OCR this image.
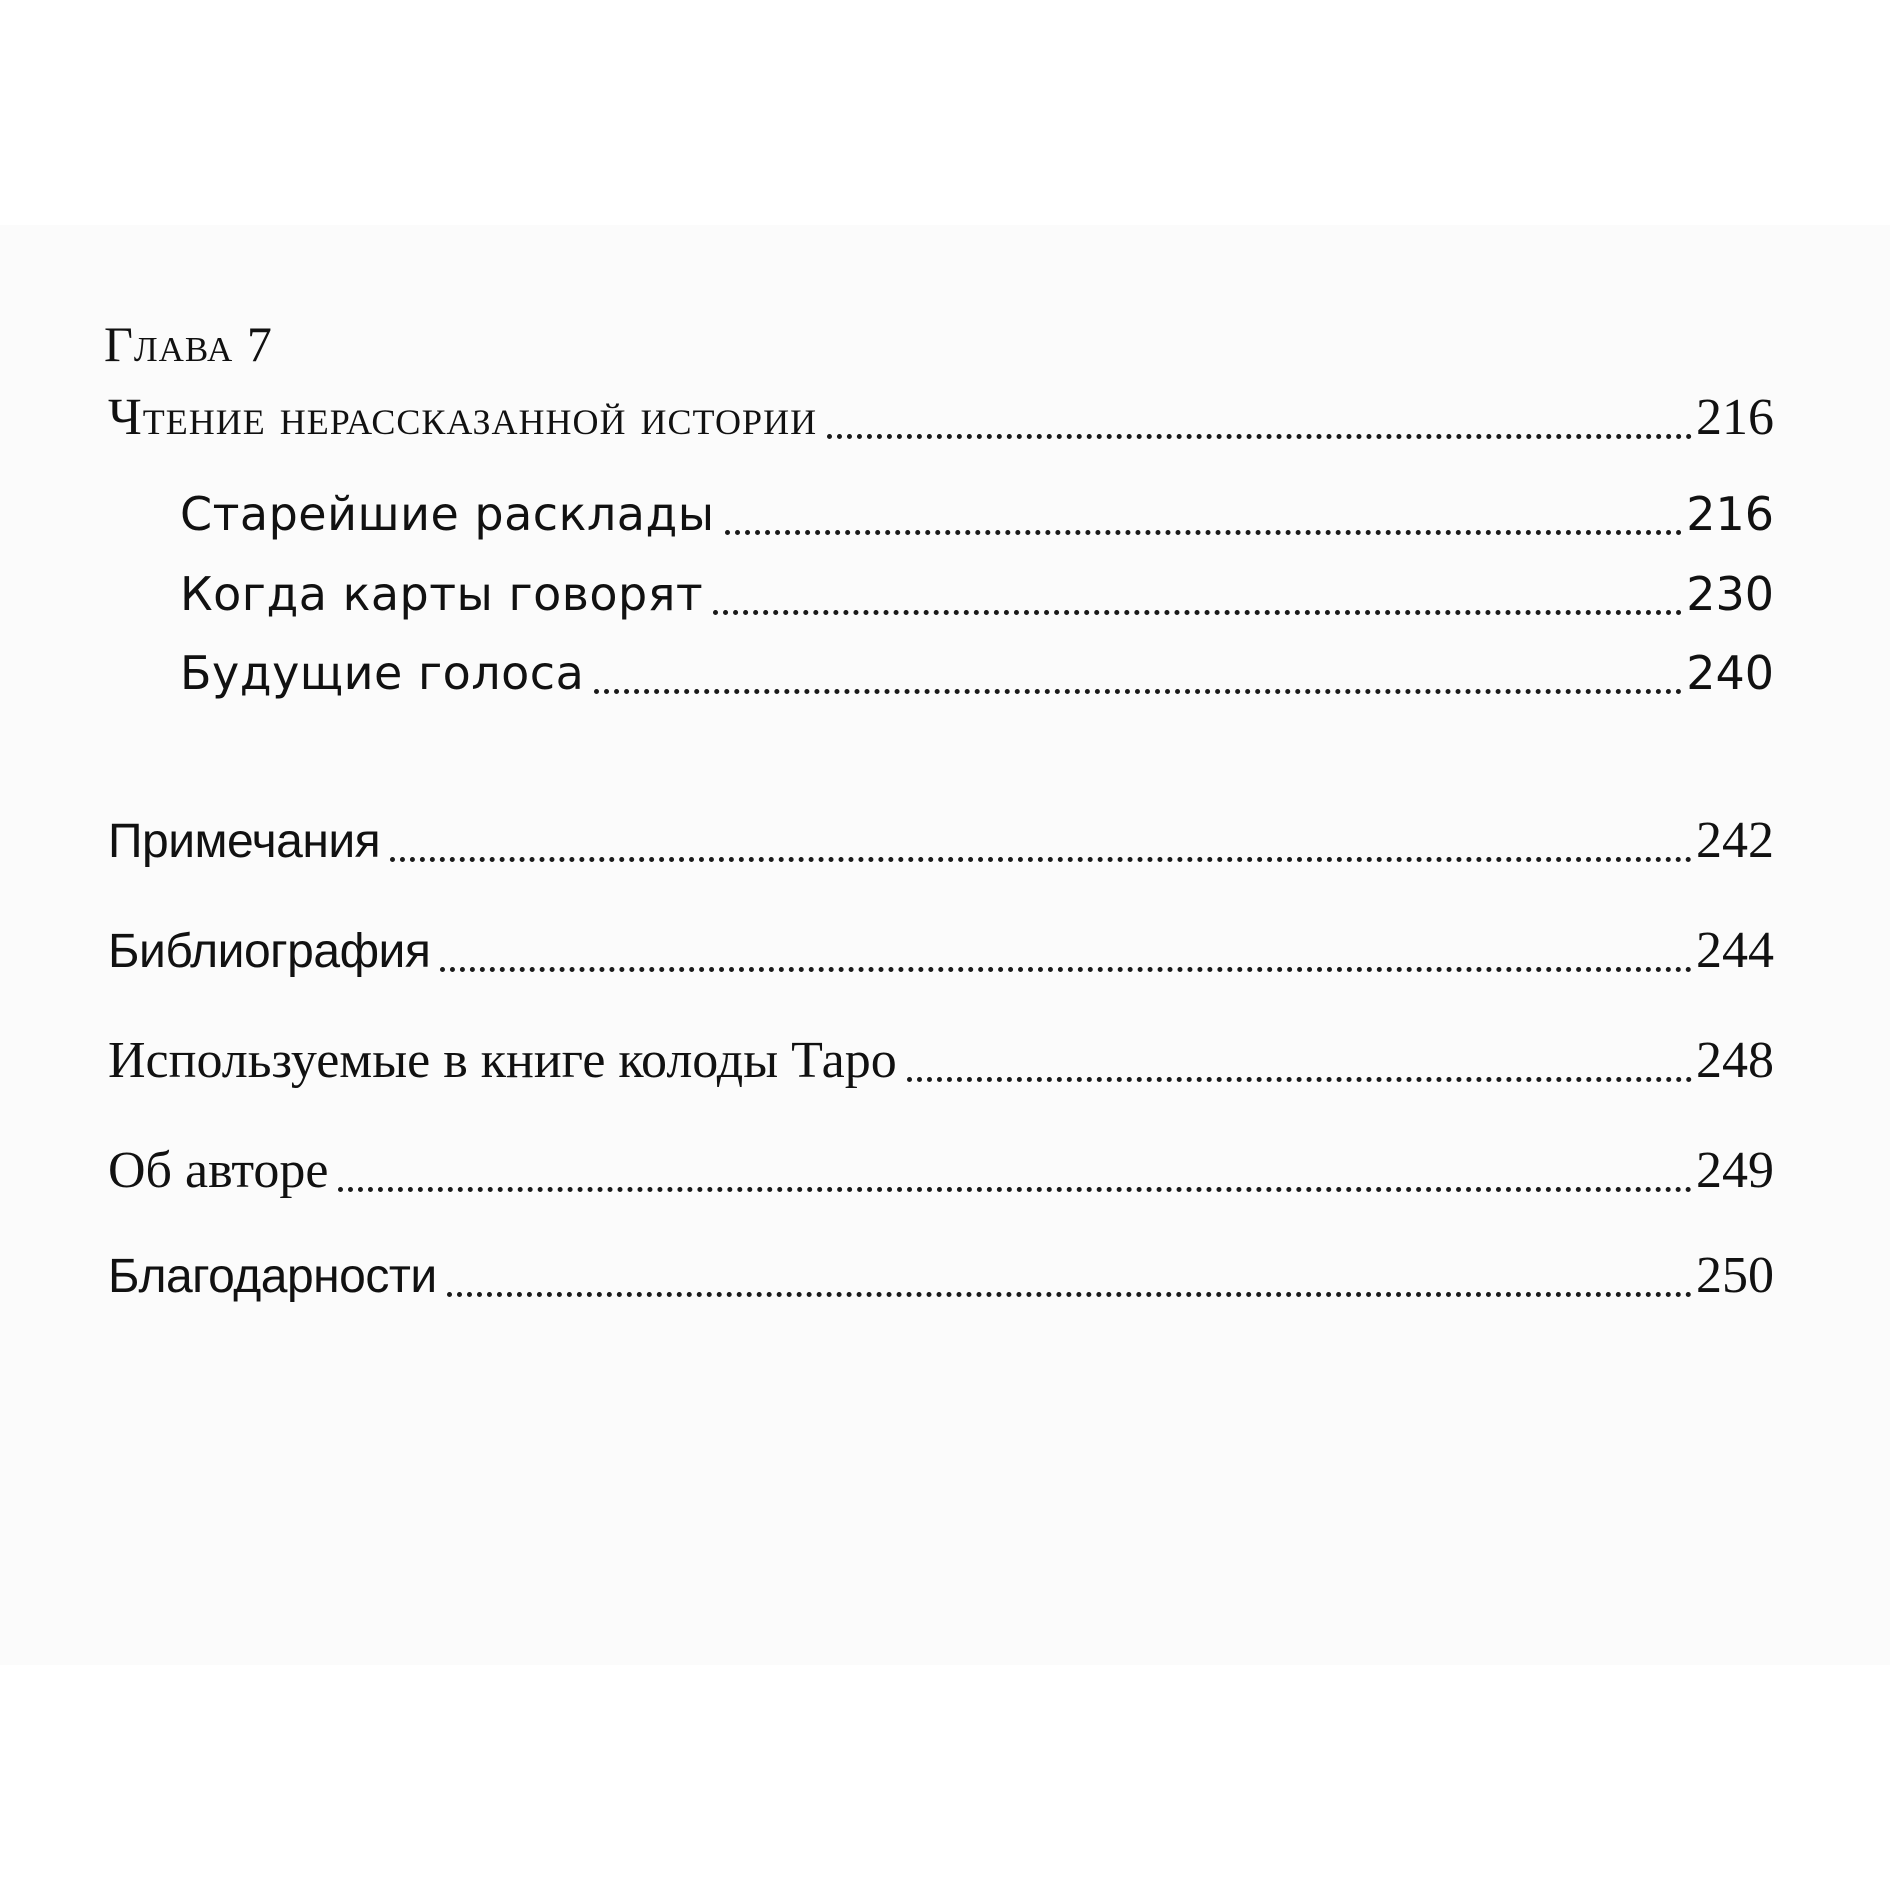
Глава 7
Чтение нерассказанной истории	216
Старейшие расклады	216
Когда карты говорят	230
Будущие голоса	240
Примечания	242
Библиография	244
Используемые в книге колоды Таро	248
Об авторе	249
Благодарности	250
